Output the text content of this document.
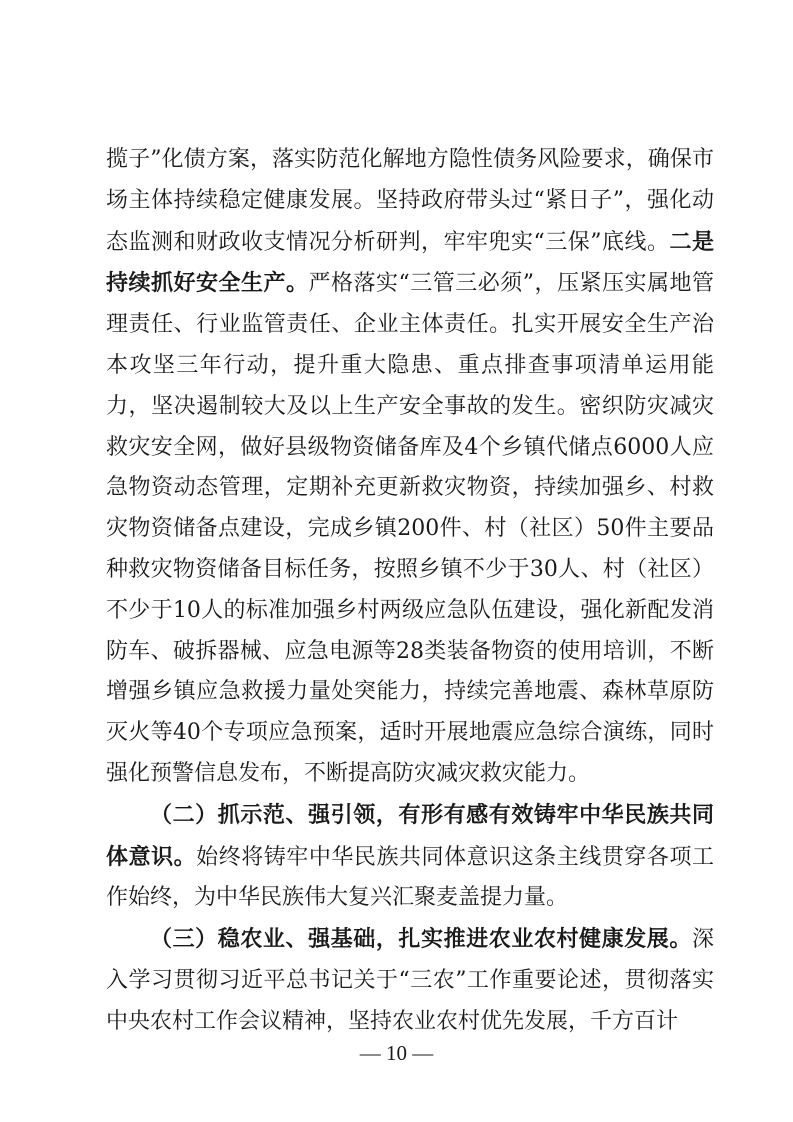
揽子”化债方案，落实防范化解地方隐性债务风险要求，确保市场主体持续稳定健康发展。坚持政府带头过“紧日子”，强化动态监测和财政收支情况分析研判，牢牢兜实“三保”底线。二是持续抓好安全生产。严格落实“三管三必须”，压紧压实属地管理责任、行业监管责任、企业主体责任。扎实开展安全生产治本攻坚三年行动，提升重大隐患、重点排查事项清单运用能力，坚决遏制较大及以上生产安全事故的发生。密织防灾减灾救灾安全网，做好县级物资储备库及4个乡镇代储点6000人应急物资动态管理，定期补充更新救灾物资，持续加强乡、村救灾物资储备点建设，完成乡镇200件、村（社区）50件主要品种救灾物资储备目标任务，按照乡镇不少于30人、村（社区）不少于10人的标准加强乡村两级应急队伍建设，强化新配发消防车、破拆器械、应急电源等28类装备物资的使用培训，不断增强乡镇应急救援力量处突能力，持续完善地震、森林草原防灭火等40个专项应急预案，适时开展地震应急综合演练，同时强化预警信息发布，不断提高防灾减灾救灾能力。

（二）抓示范、强引领，有形有感有效铸牢中华民族共同体意识。始终将铸牢中华民族共同体意识这条主线贯穿各项工作始终，为中华民族伟大复兴汇聚麦盖提力量。

（三）稳农业、强基础，扎实推进农业农村健康发展。深入学习贯彻习近平总书记关于“三农”工作重要论述，贯彻落实中央农村工作会议精神，坚持农业农村优先发展，千方百计

— 10 —
